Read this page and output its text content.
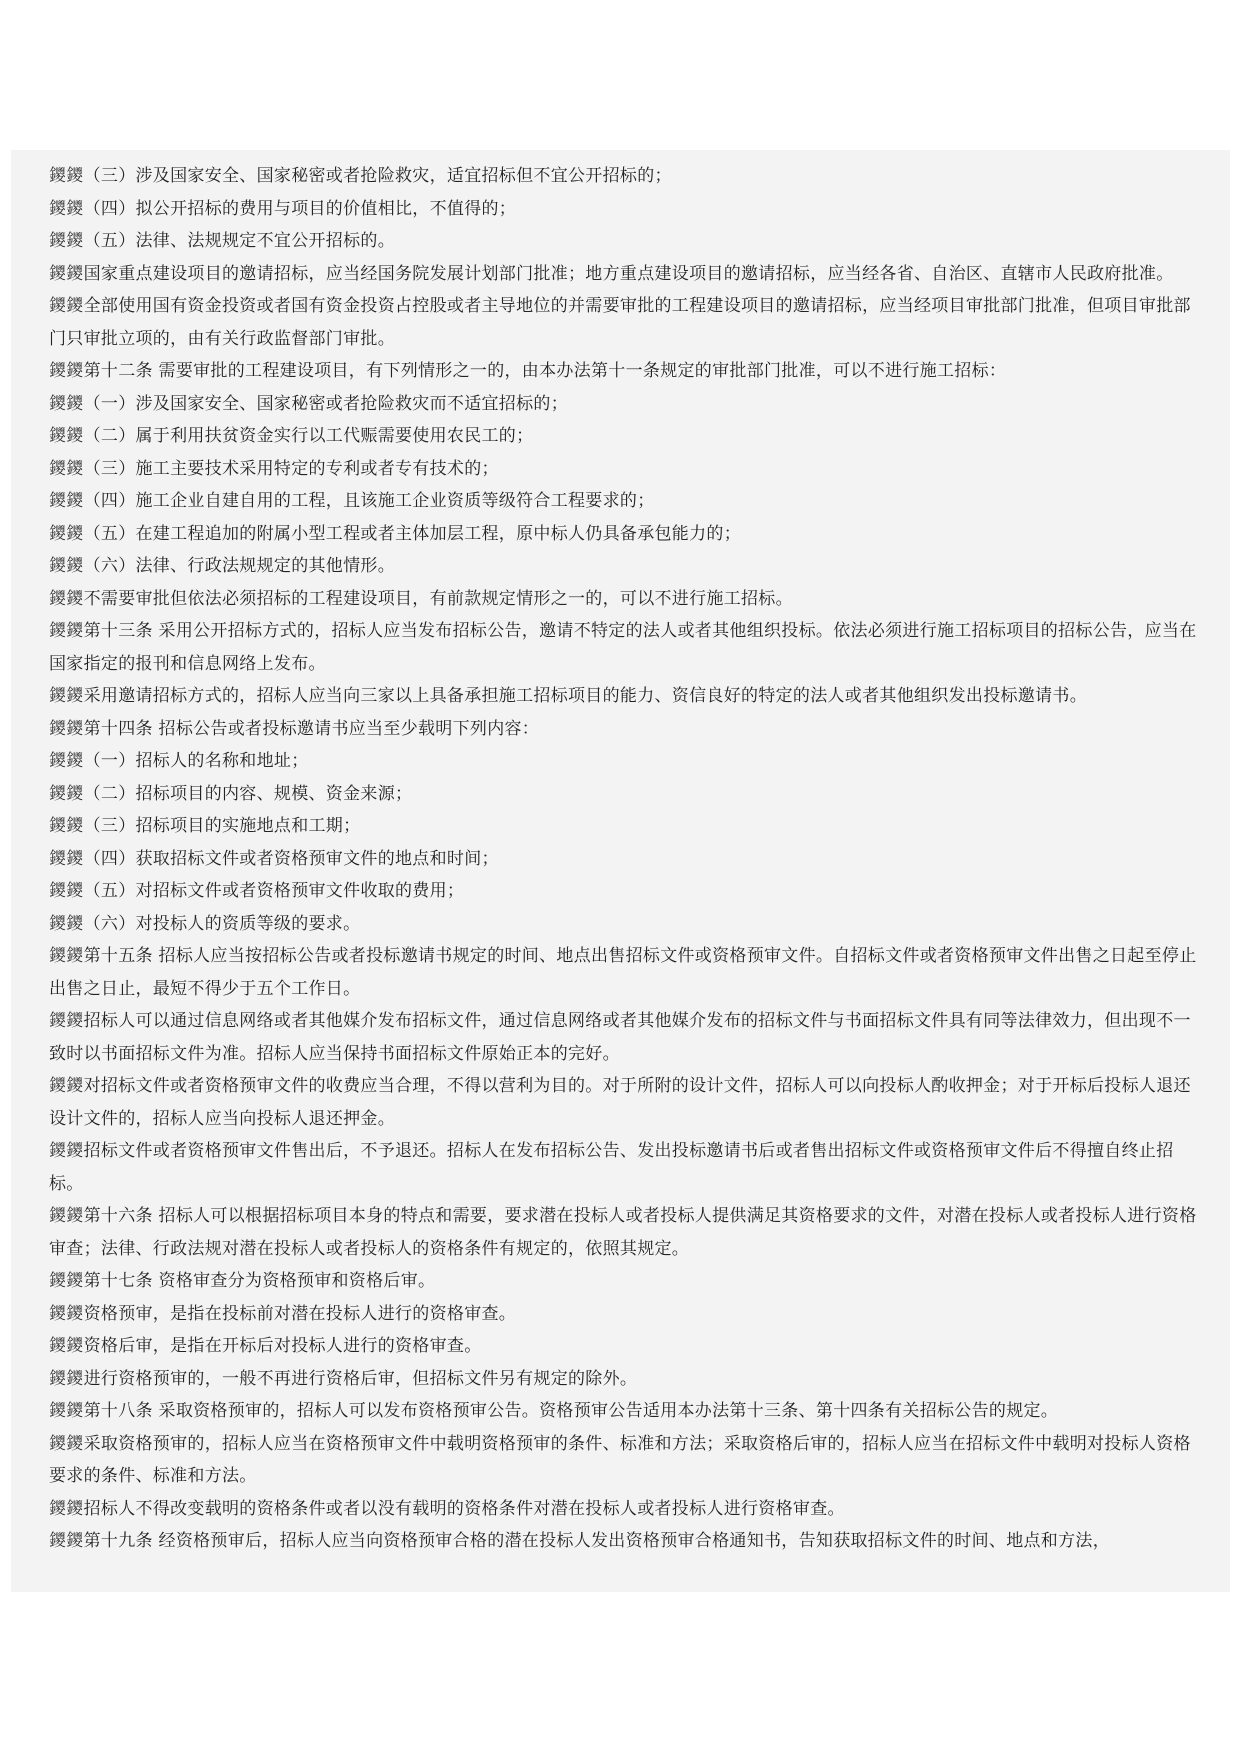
鑁鑁（三）涉及国家安全、国家秘密或者抢险救灾，适宜招标但不宜公开招标的；

鑁鑁（四）拟公开招标的费用与项目的价值相比，不值得的；

鑁鑁（五）法律、法规规定不宜公开招标的。

鑁鑁国家重点建设项目的邀请招标，应当经国务院发展计划部门批准；地方重点建设项目的邀请招标，应当经各省、自治区、直辖市人民政府批准。

鑁鑁全部使用国有资金投资或者国有资金投资占控股或者主导地位的并需要审批的工程建设项目的邀请招标，应当经项目审批部门批准，但项目审批部门只审批立项的，由有关行政监督部门审批。

鑁鑁第十二条 需要审批的工程建设项目，有下列情形之一的，由本办法第十一条规定的审批部门批准，可以不进行施工招标：

鑁鑁（一）涉及国家安全、国家秘密或者抢险救灾而不适宜招标的；

鑁鑁（二）属于利用扶贫资金实行以工代赈需要使用农民工的；

鑁鑁（三）施工主要技术采用特定的专利或者专有技术的；

鑁鑁（四）施工企业自建自用的工程，且该施工企业资质等级符合工程要求的；

鑁鑁（五）在建工程追加的附属小型工程或者主体加层工程，原中标人仍具备承包能力的；

鑁鑁（六）法律、行政法规规定的其他情形。

鑁鑁不需要审批但依法必须招标的工程建设项目，有前款规定情形之一的，可以不进行施工招标。

鑁鑁第十三条 采用公开招标方式的，招标人应当发布招标公告，邀请不特定的法人或者其他组织投标。依法必须进行施工招标项目的招标公告，应当在国家指定的报刊和信息网络上发布。

鑁鑁采用邀请招标方式的，招标人应当向三家以上具备承担施工招标项目的能力、资信良好的特定的法人或者其他组织发出投标邀请书。

鑁鑁第十四条 招标公告或者投标邀请书应当至少载明下列内容：

鑁鑁（一）招标人的名称和地址；

鑁鑁（二）招标项目的内容、规模、资金来源；

鑁鑁（三）招标项目的实施地点和工期；

鑁鑁（四）获取招标文件或者资格预审文件的地点和时间；

鑁鑁（五）对招标文件或者资格预审文件收取的费用；

鑁鑁（六）对投标人的资质等级的要求。

鑁鑁第十五条 招标人应当按招标公告或者投标邀请书规定的时间、地点出售招标文件或资格预审文件。自招标文件或者资格预审文件出售之日起至停止出售之日止，最短不得少于五个工作日。

鑁鑁招标人可以通过信息网络或者其他媒介发布招标文件，通过信息网络或者其他媒介发布的招标文件与书面招标文件具有同等法律效力，但出现不一致时以书面招标文件为准。招标人应当保持书面招标文件原始正本的完好。

鑁鑁对招标文件或者资格预审文件的收费应当合理，不得以营利为目的。对于所附的设计文件，招标人可以向投标人酌收押金；对于开标后投标人退还设计文件的，招标人应当向投标人退还押金。

鑁鑁招标文件或者资格预审文件售出后，不予退还。招标人在发布招标公告、发出投标邀请书后或者售出招标文件或资格预审文件后不得擅自终止招标。

鑁鑁第十六条 招标人可以根据招标项目本身的特点和需要，要求潜在投标人或者投标人提供满足其资格要求的文件，对潜在投标人或者投标人进行资格审查；法律、行政法规对潜在投标人或者投标人的资格条件有规定的，依照其规定。

鑁鑁第十七条 资格审查分为资格预审和资格后审。

鑁鑁资格预审，是指在投标前对潜在投标人进行的资格审查。

鑁鑁资格后审，是指在开标后对投标人进行的资格审查。

鑁鑁进行资格预审的，一般不再进行资格后审，但招标文件另有规定的除外。

鑁鑁第十八条 采取资格预审的，招标人可以发布资格预审公告。资格预审公告适用本办法第十三条、第十四条有关招标公告的规定。

鑁鑁采取资格预审的，招标人应当在资格预审文件中载明资格预审的条件、标准和方法；采取资格后审的，招标人应当在招标文件中载明对投标人资格要求的条件、标准和方法。

鑁鑁招标人不得改变载明的资格条件或者以没有载明的资格条件对潜在投标人或者投标人进行资格审查。

鑁鑁第十九条 经资格预审后，招标人应当向资格预审合格的潜在投标人发出资格预审合格通知书，告知获取招标文件的时间、地点和方法，
